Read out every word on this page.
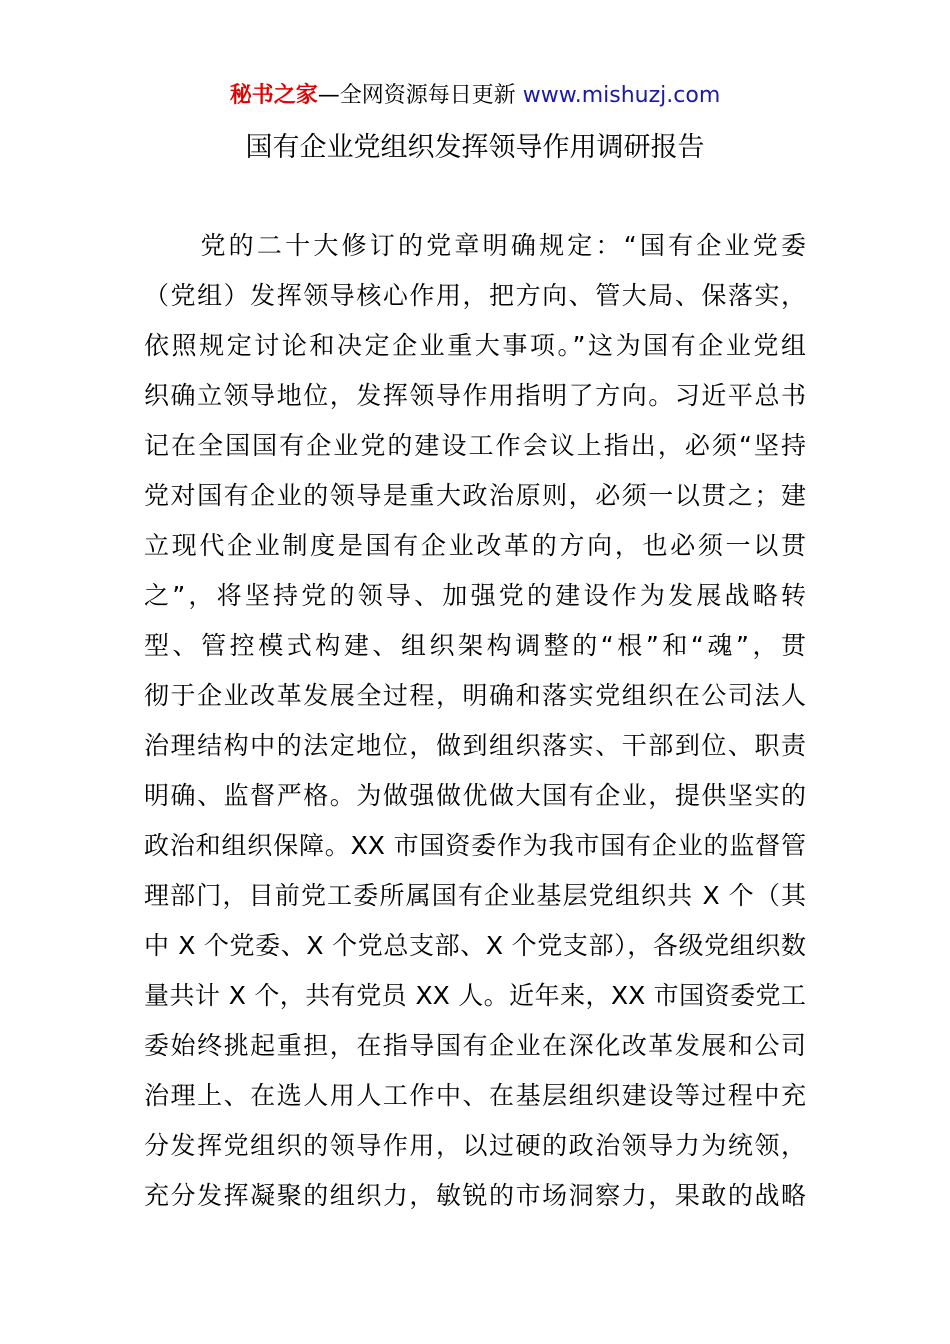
秘书之家—全网资源每日更新 www.mishuzj.com
国有企业党组织发挥领导作用调研报告
　　党的二十大修订的党章明确规定：“国有企业党委
（党组）发挥领导核心作用，把方向、管大局、保落实，
依照规定讨论和决定企业重大事项。”这为国有企业党组
织确立领导地位，发挥领导作用指明了方向。习近平总书
记在全国国有企业党的建设工作会议上指出，必须“坚持
党对国有企业的领导是重大政治原则，必须一以贯之；建
立现代企业制度是国有企业改革的方向，也必须一以贯
之”，将坚持党的领导、加强党的建设作为发展战略转
型、管控模式构建、组织架构调整的“根”和“魂”，贯
彻于企业改革发展全过程，明确和落实党组织在公司法人
治理结构中的法定地位，做到组织落实、干部到位、职责
明确、监督严格。为做强做优做大国有企业，提供坚实的
政治和组织保障。XX 市国资委作为我市国有企业的监督管
理部门，目前党工委所属国有企业基层党组织共 X 个（其
中 X 个党委、X 个党总支部、X 个党支部），各级党组织数
量共计 X 个，共有党员 XX 人。近年来，XX 市国资委党工
委始终挑起重担，在指导国有企业在深化改革发展和公司
治理上、在选人用人工作中、在基层组织建设等过程中充
分发挥党组织的领导作用，以过硬的政治领导力为统领，
充分发挥凝聚的组织力，敏锐的市场洞察力，果敢的战略
